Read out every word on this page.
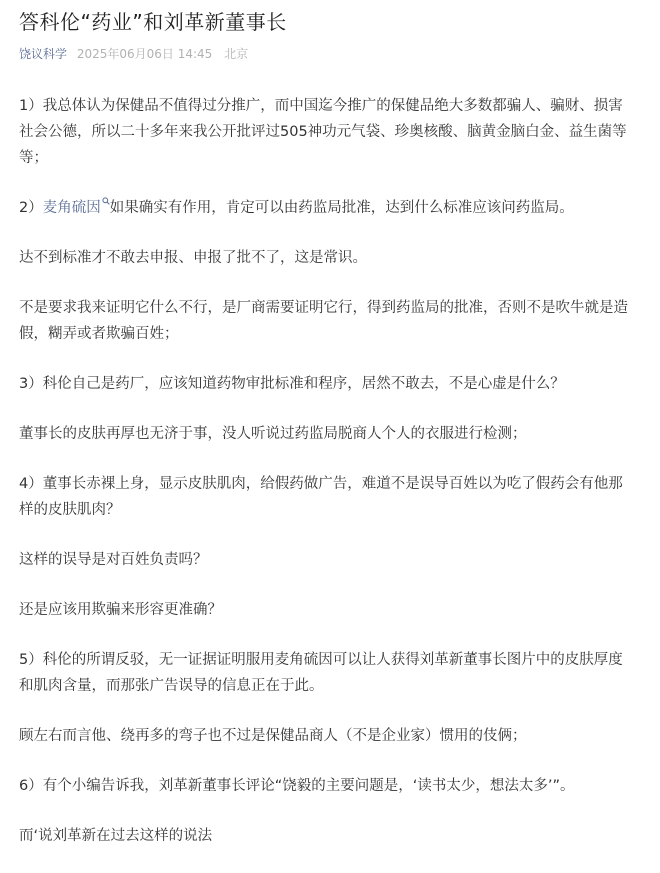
答科伦“药业”和刘革新董事长
饶议科学 2025年06月06日 14:45 北京

1）我总体认为保健品不值得过分推广，而中国迄今推广的保健品绝大多数都骗人、骗财、损害社会公德，所以二十多年来我公开批评过505神功元气袋、珍奥核酸、脑黄金脑白金、益生菌等等；

2）麦角硫因 如果确实有作用，肯定可以由药监局批准，达到什么标准应该问药监局。

达不到标准才不敢去申报、申报了批不了，这是常识。

不是要求我来证明它什么不行，是厂商需要证明它行，得到药监局的批准，否则不是吹牛就是造假，糊弄或者欺骗百姓；

3）科伦自己是药厂，应该知道药物审批标准和程序，居然不敢去，不是心虚是什么？

董事长的皮肤再厚也无济于事，没人听说过药监局脱商人个人的衣服进行检测；

4）董事长赤裸上身，显示皮肤肌肉，给假药做广告，难道不是误导百姓以为吃了假药会有他那样的皮肤肌肉？

这样的误导是对百姓负责吗？

还是应该用欺骗来形容更准确？

5）科伦的所谓反驳，无一证据证明服用麦角硫因可以让人获得刘革新董事长图片中的皮肤厚度和肌肉含量，而那张广告误导的信息正在于此。

顾左右而言他、绕再多的弯子也不过是保健品商人（不是企业家）惯用的伎俩；

6）有个小编告诉我，刘革新董事长评论“饶毅的主要问题是，‘读书太少，想法太多’”。

而‘说刘革新在过去这样的说法
